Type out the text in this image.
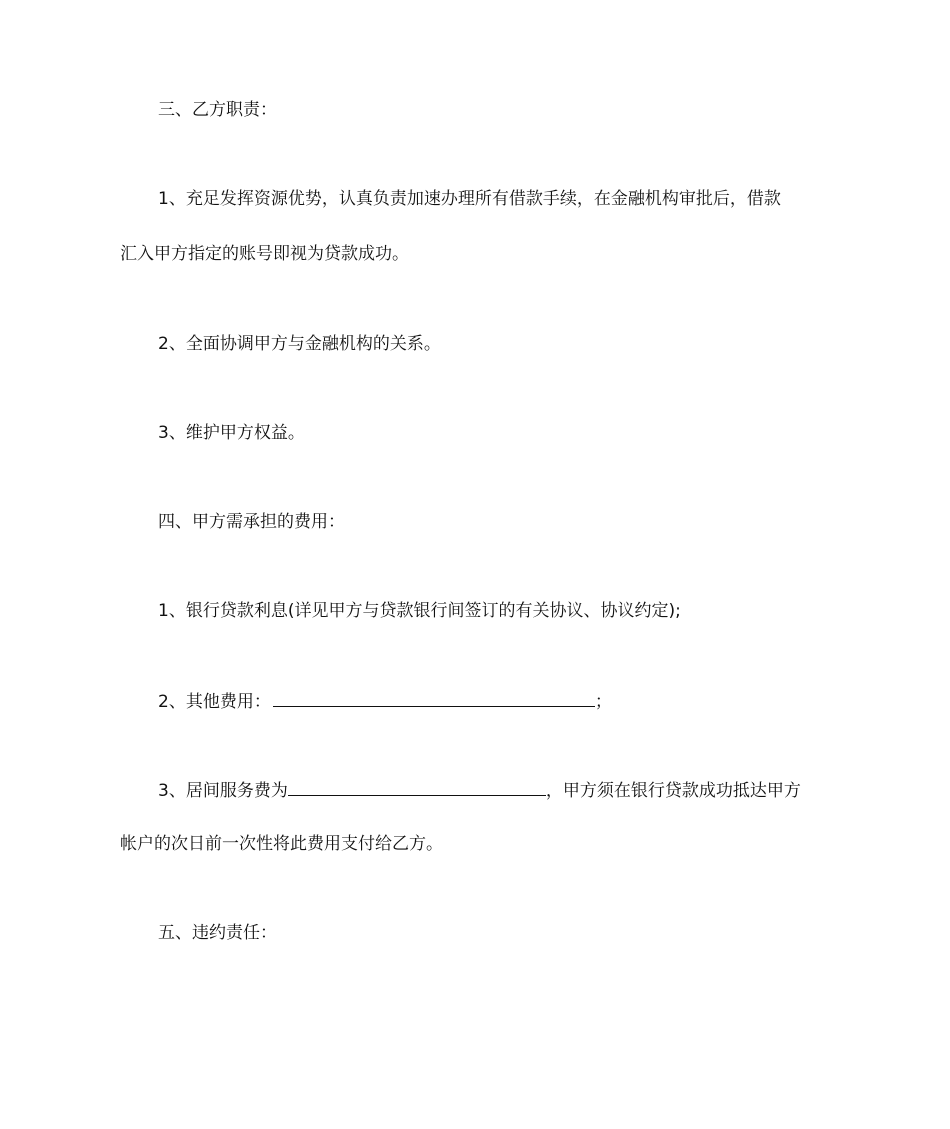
三、乙方职责：
1、充足发挥资源优势，认真负责加速办理所有借款手续，在金融机构审批后，借款
汇入甲方指定的账号即视为贷款成功。
2、全面协调甲方与金融机构的关系。
3、维护甲方权益。
四、甲方需承担的费用：
1、银行贷款利息(详见甲方与贷款银行间签订的有关协议、协议约定);
2、其他费用：	；
3、居间服务费为	，甲方须在银行贷款成功抵达甲方
帐户的次日前一次性将此费用支付给乙方。
五、违约责任：
